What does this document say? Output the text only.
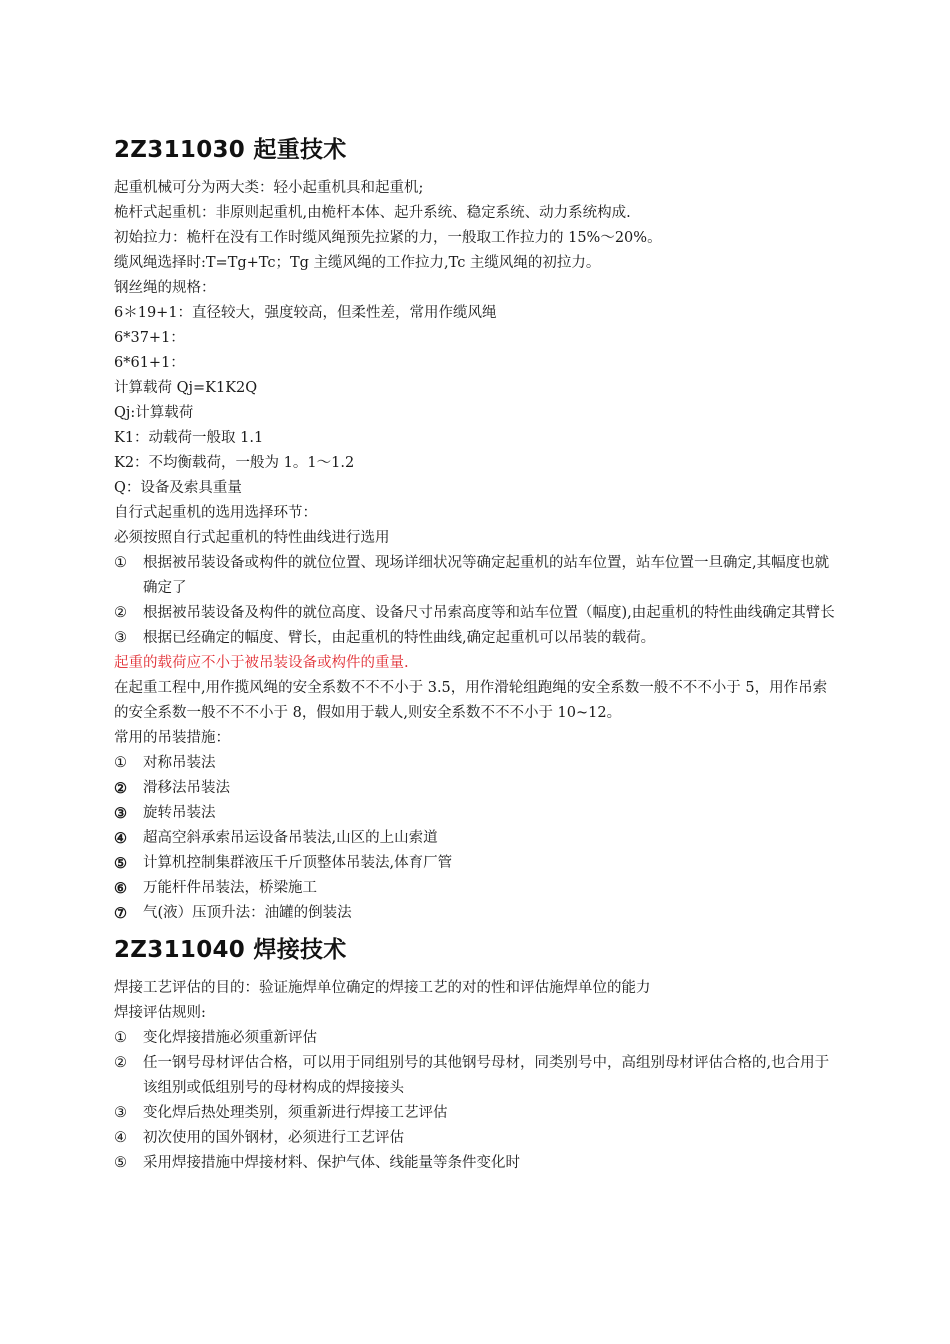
2Z311030 起重技术

起重机械可分为两大类：轻小起重机具和起重机;

桅杆式起重机：非原则起重机,由桅杆本体、起升系统、稳定系统、动力系统构成.

初始拉力：桅杆在没有工作时缆风绳预先拉紧的力，一般取工作拉力的 15%～20%。

缆风绳选择时:T=Tg+Tc；Tg 主缆风绳的工作拉力,Tc 主缆风绳的初拉力。

钢丝绳的规格：

6＊19+1：直径较大，强度较高，但柔性差，常用作缆风绳

6*37+1：

6*61+1：

计算载荷 Qj=K1K2Q

Qj:计算载荷

K1：动载荷一般取 1.1

K2：不均衡载荷，一般为 1。1～1.2

Q：设备及索具重量

自行式起重机的选用选择环节：

必须按照自行式起重机的特性曲线进行选用

①	根据被吊装设备或构件的就位位置、现场详细状况等确定起重机的站车位置，站车位置一旦确定,其幅度也就确定了
②	根据被吊装设备及构件的就位高度、设备尺寸吊索高度等和站车位置（幅度),由起重机的特性曲线确定其臂长
③	根据已经确定的幅度、臂长，由起重机的特性曲线,确定起重机可以吊装的载荷。

起重的载荷应不小于被吊装设备或构件的重量.

在起重工程中,用作揽风绳的安全系数不不不小于 3.5，用作滑轮组跑绳的安全系数一般不不不小于 5，用作吊索的安全系数一般不不不小于 8，假如用于载人,则安全系数不不不小于 10~12。

常用的吊装措施：

①	对称吊装法
②	滑移法吊装法
③	旋转吊装法
④	超高空斜承索吊运设备吊装法,山区的上山索道
⑤	计算机控制集群液压千斤顶整体吊装法,体育厂管
⑥	万能杆件吊装法，桥梁施工
⑦	气(液）压顶升法：油罐的倒装法
2Z311040 焊接技术

焊接工艺评估的目的：验证施焊单位确定的焊接工艺的对的性和评估施焊单位的能力

焊接评估规则:

①	变化焊接措施必须重新评估
②	任一钢号母材评估合格，可以用于同组别号的其他钢号母材，同类别号中，高组别母材评估合格的,也合用于该组别或低组别号的母材构成的焊接接头
③	变化焊后热处理类别，须重新进行焊接工艺评估
④	初次使用的国外钢材，必须进行工艺评估
⑤	采用焊接措施中焊接材料、保护气体、线能量等条件变化时
